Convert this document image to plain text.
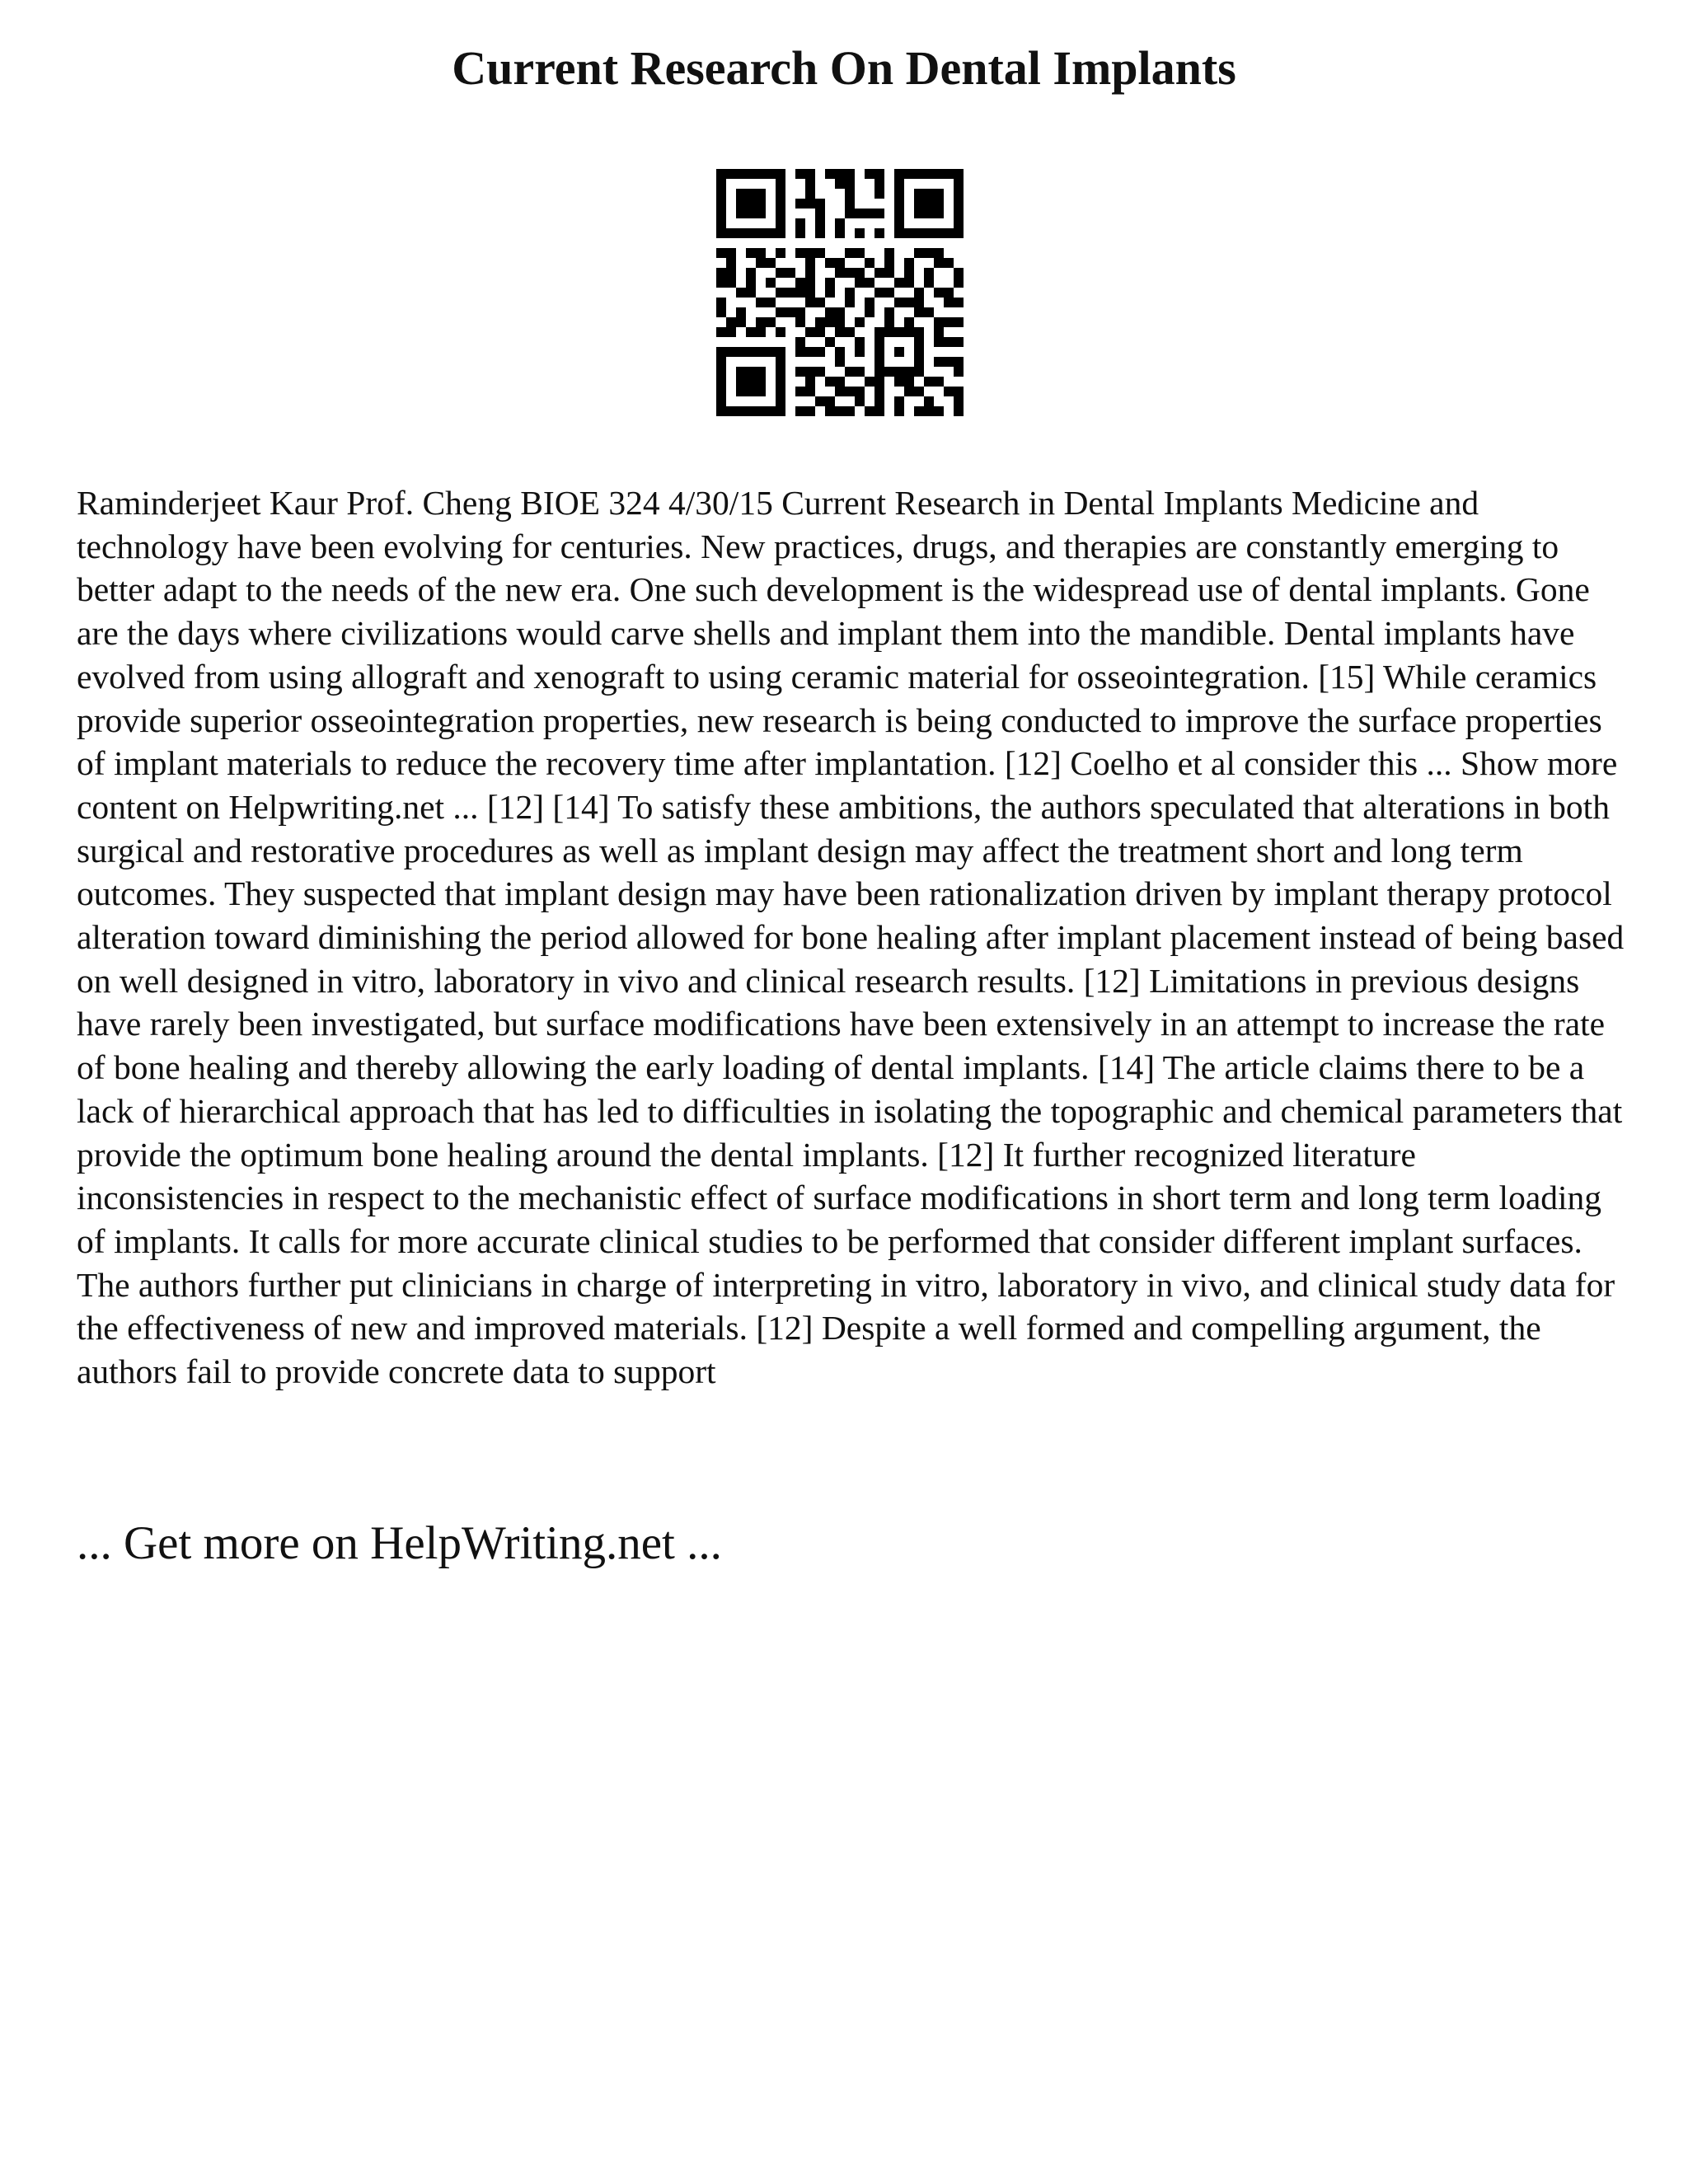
Current Research On Dental Implants

Raminderjeet Kaur Prof. Cheng BIOE 324 4/30/15 Current Research in Dental Implants Medicine and technology have been evolving for centuries. New practices, drugs, and therapies are constantly emerging to better adapt to the needs of the new era. One such development is the widespread use of dental implants. Gone are the days where civilizations would carve shells and implant them into the mandible. Dental implants have evolved from using allograft and xenograft to using ceramic material for osseointegration. [15] While ceramics provide superior osseointegration properties, new research is being conducted to improve the surface properties of implant materials to reduce the recovery time after implantation. [12] Coelho et al consider this ... Show more content on Helpwriting.net ... [12] [14] To satisfy these ambitions, the authors speculated that alterations in both surgical and restorative procedures as well as implant design may affect the treatment short and long term outcomes. They suspected that implant design may have been rationalization driven by implant therapy protocol alteration toward diminishing the period allowed for bone healing after implant placement instead of being based on well designed in vitro, laboratory in vivo and clinical research results. [12] Limitations in previous designs have rarely been investigated, but surface modifications have been extensively in an attempt to increase the rate of bone healing and thereby allowing the early loading of dental implants. [14] The article claims there to be a lack of hierarchical approach that has led to difficulties in isolating the topographic and chemical parameters that provide the optimum bone healing around the dental implants. [12] It further recognized literature inconsistencies in respect to the mechanistic effect of surface modifications in short term and long term loading of implants. It calls for more accurate clinical studies to be performed that consider different implant surfaces. The authors further put clinicians in charge of interpreting in vitro, laboratory in vivo, and clinical study data for the effectiveness of new and improved materials. [12] Despite a well formed and compelling argument, the authors fail to provide concrete data to support

... Get more on HelpWriting.net ...
